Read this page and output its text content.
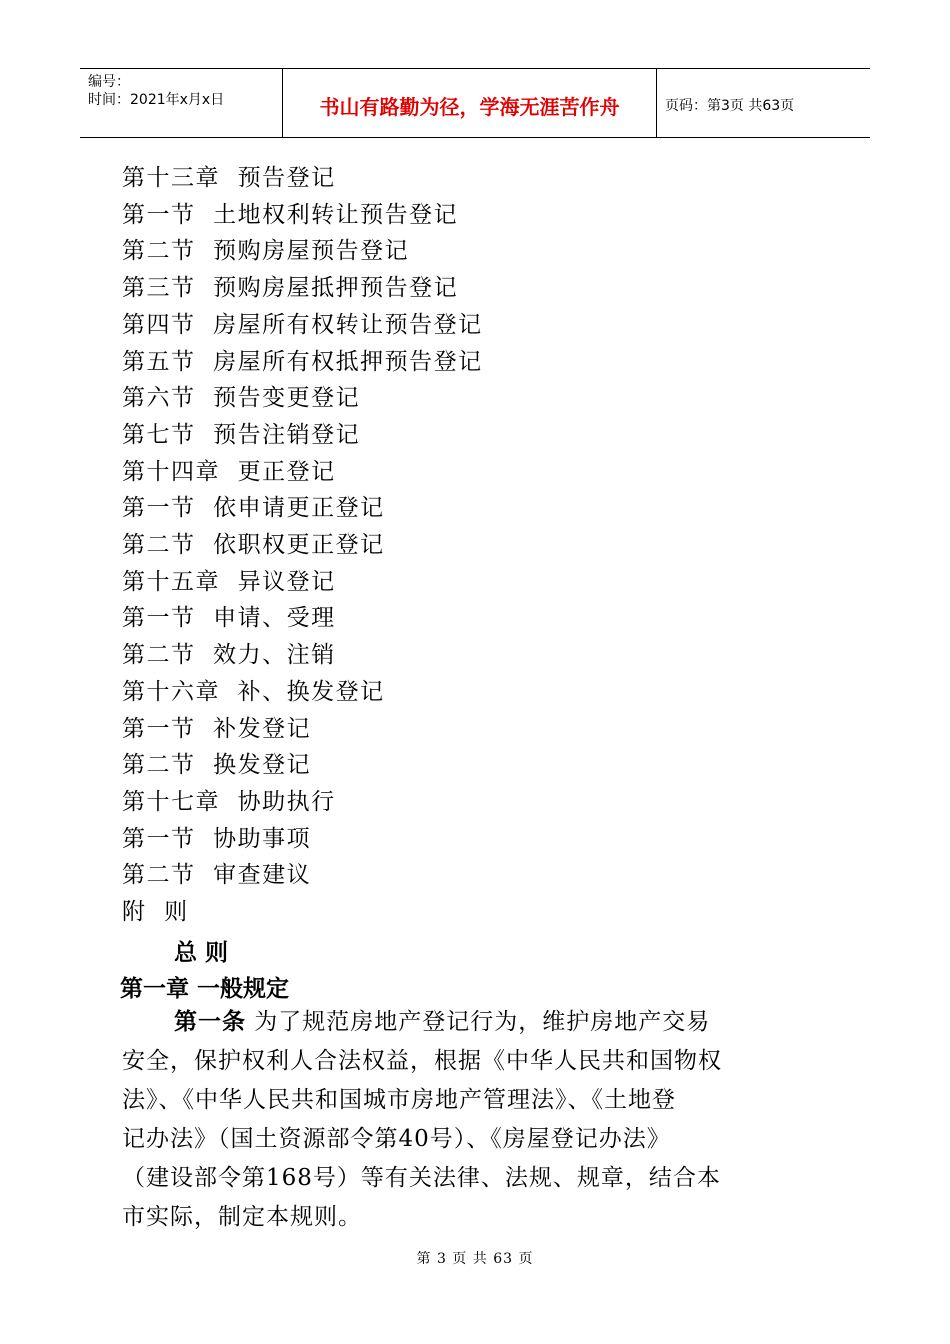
编号：
时间：2021年x月x日	书山有路勤为径，学海无涯苦作舟	页码：第3页 共63页
第十三章  预告登记
第一节  土地权利转让预告登记
第二节  预购房屋预告登记
第三节  预购房屋抵押预告登记
第四节  房屋所有权转让预告登记
第五节  房屋所有权抵押预告登记
第六节  预告变更登记
第七节  预告注销登记
第十四章  更正登记
第一节  依申请更正登记
第二节  依职权更正登记
第十五章  异议登记
第一节  申请、受理
第二节  效力、注销
第十六章  补、换发登记
第一节  补发登记
第二节  换发登记
第十七章  协助执行
第一节  协助事项
第二节  审查建议
附  则
总 则
第一章 一般规定
第一条 为了规范房地产登记行为，维护房地产交易
安全，保护权利人合法权益，根据《中华人民共和国物权
法》、《中华人民共和国城市房地产管理法》、《土地登
记办法》（国土资源部令第40号）、《房屋登记办法》
（建设部令第168号）等有关法律、法规、规章，结合本
市实际，制定本规则。
第 3 页 共 63 页
